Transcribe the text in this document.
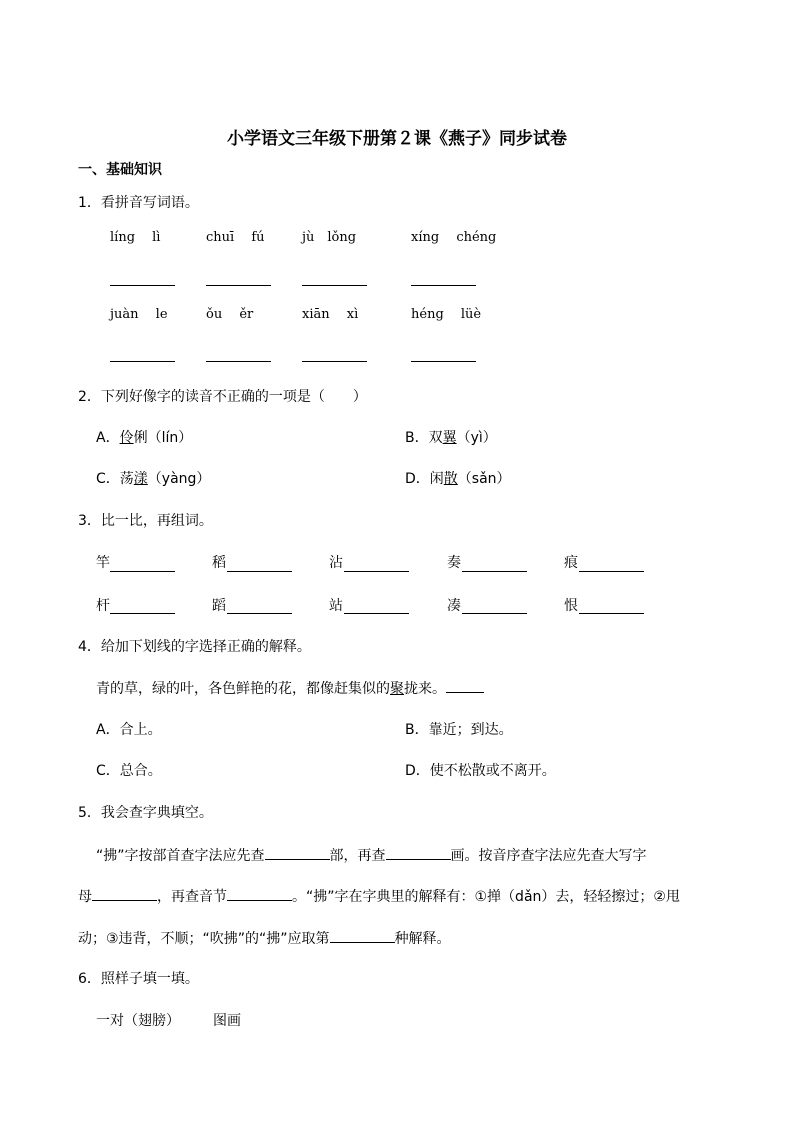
小学语文三年级下册第２课《燕子》同步试卷
一、基础知识
1．看拼音写词语。
líng　 lì	chuī　 fú	jù　lǒng	xíng　 chéng
juàn　 le	ǒu　 ěr	xiān　 xì	héng　 lüè
2．下列好像字的读音不正确的一项是（　　）
A．伶俐（lín）	B．双翼（yì）
C．荡漾（yàng）	D．闲散（sǎn）
3．比一比，再组词。
竿	稻	沾	奏	痕
杆	蹈	站	凑	恨
4．给加下划线的字选择正确的解释。
青的草，绿的叶，各色鲜艳的花，都像赶集似的聚拢来。
A．合上。	B．靠近；到达。
C．总合。	D．使不松散或不离开。
5．我会查字典填空。
“拂”字按部首查字法应先查	部，再查	画。按音序查字法应先查大写字
母	，再查音节	。“拂”字在字典里的解释有：①掸（dǎn）去，轻轻擦过；②甩
动；③违背，不顺；“吹拂”的“拂”应取第	种解释。
6．照样子填一填。
一对（翅膀） 图画
